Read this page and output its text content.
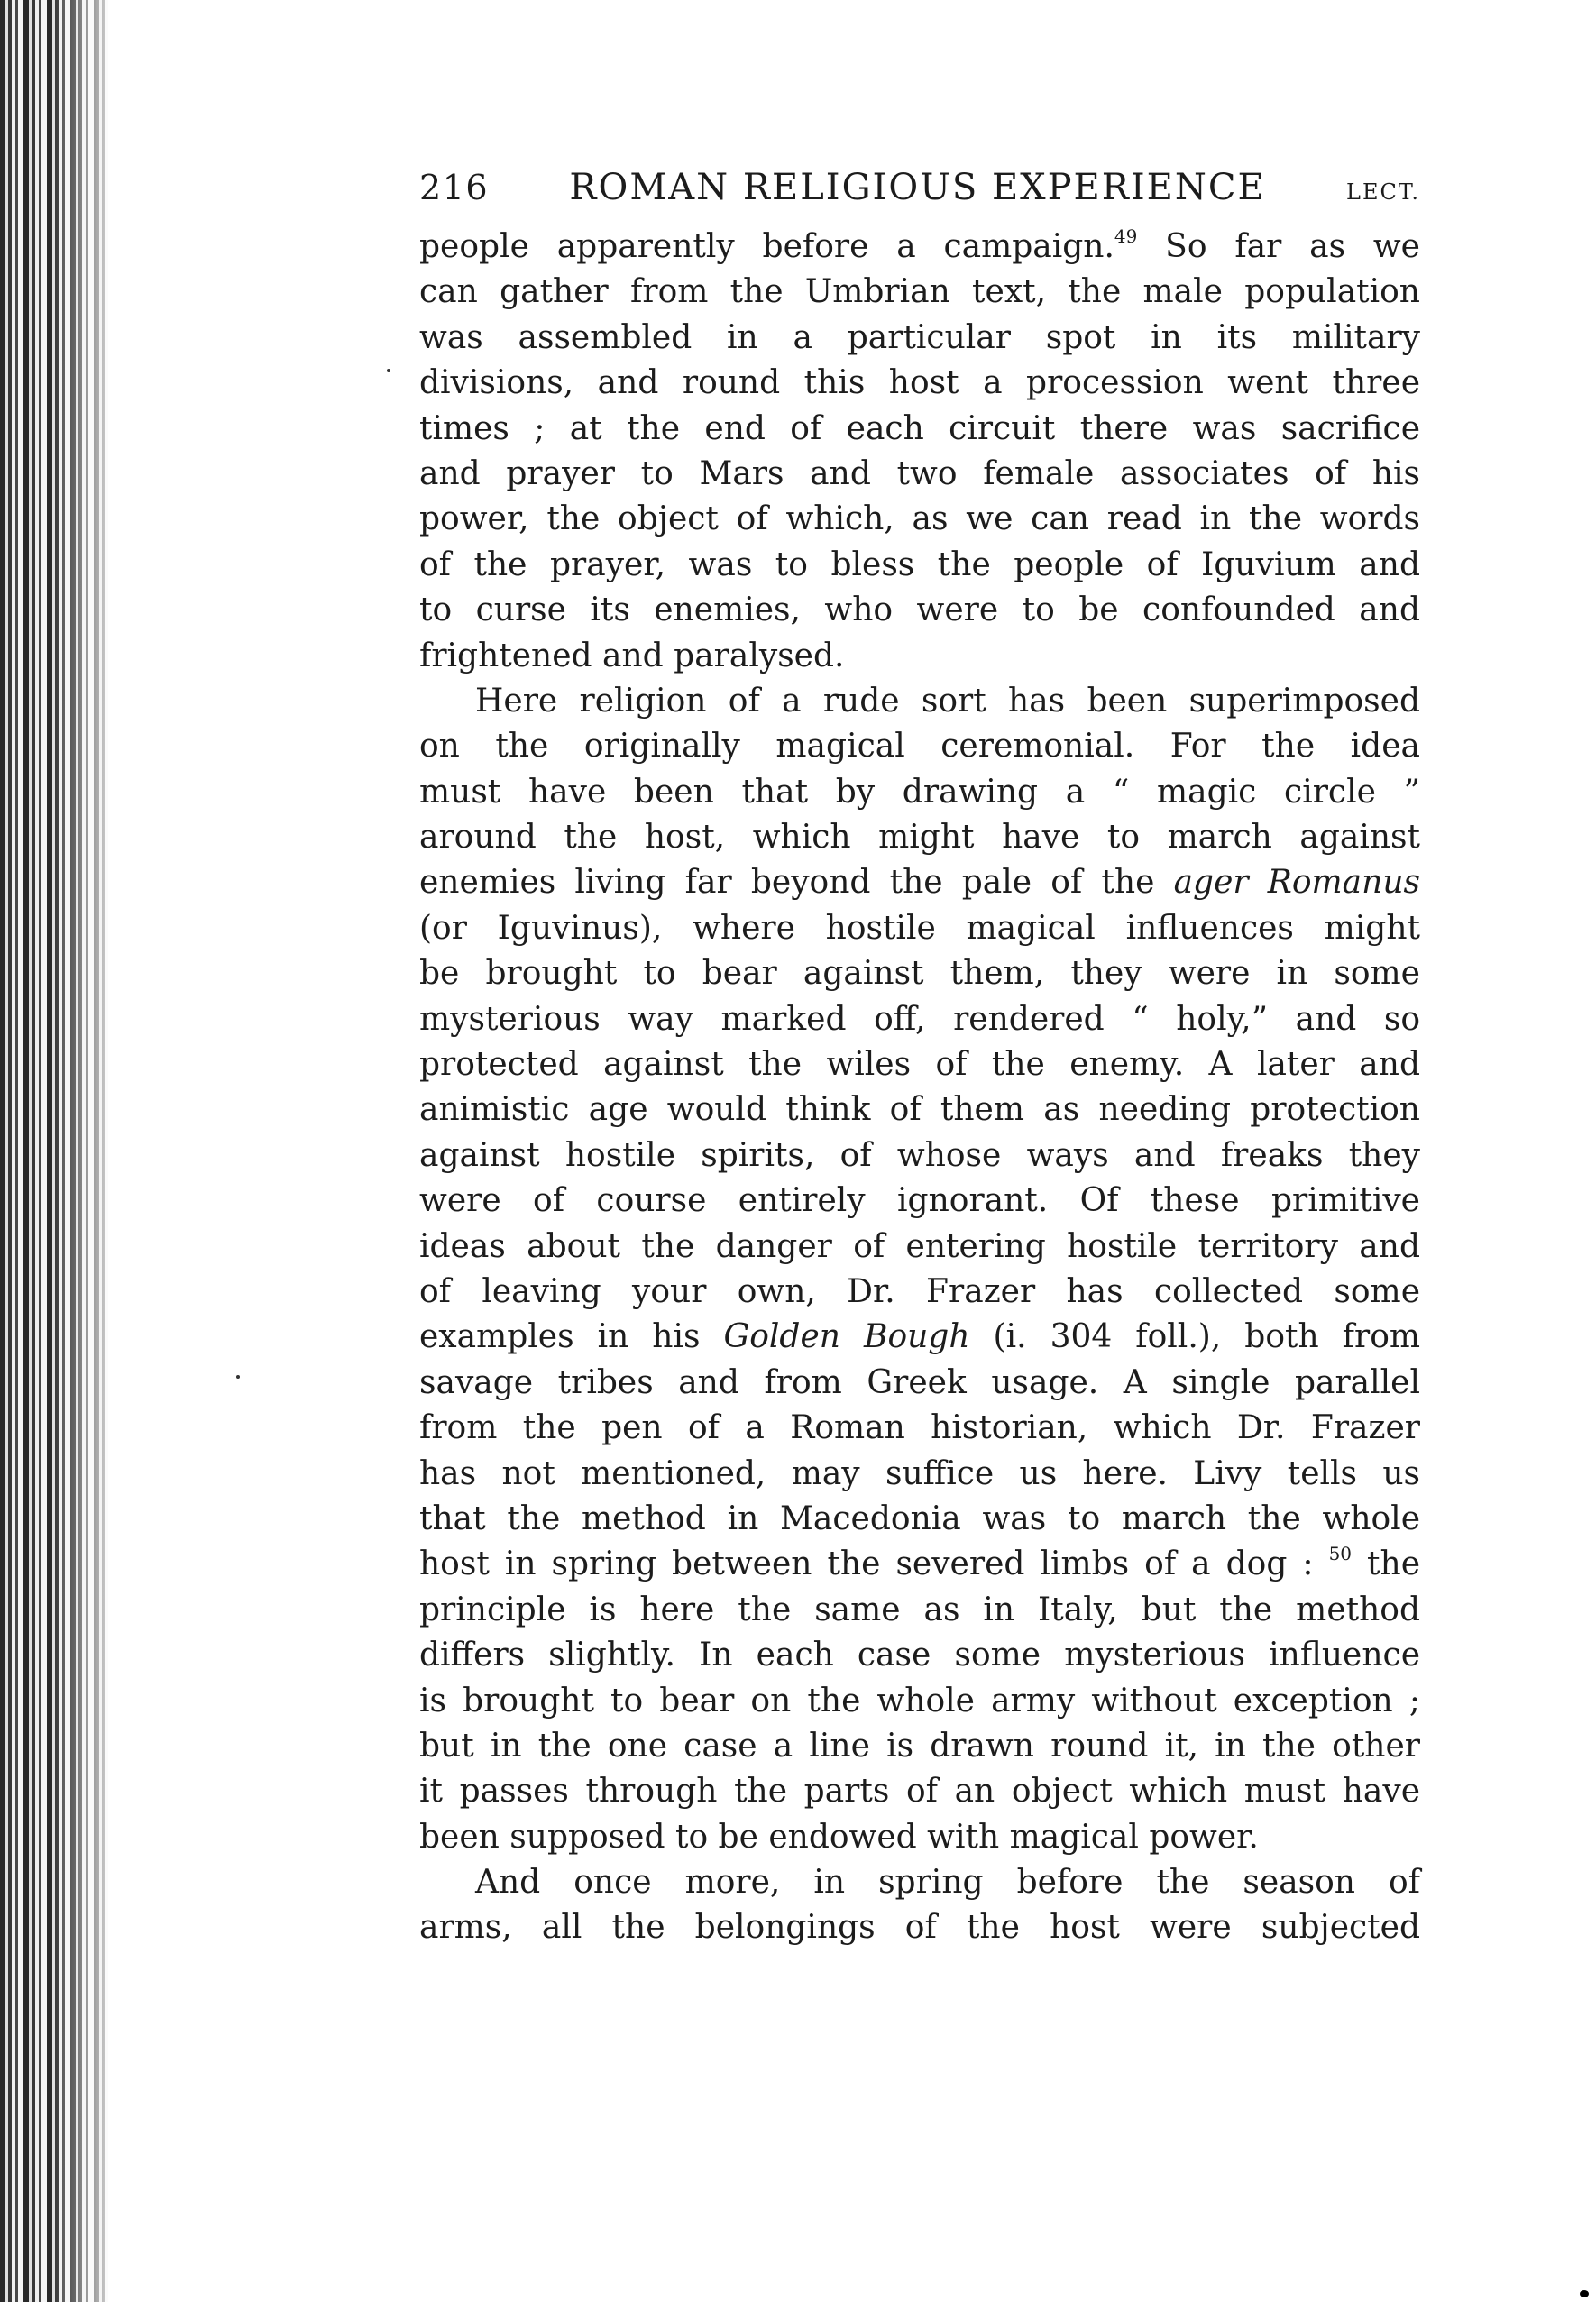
216 ROMAN RELIGIOUS EXPERIENCE	LECT.
people apparently before a campaign.$^{49}$ So far as we
can gather from the Umbrian text, the male population
was assembled in a particular spot in its military
divisions, and round this host a procession went three
times ; at the end of each circuit there was sacrifice
and prayer to Mars and two female associates of his
power, the object of which, as we can read in the words
of the prayer, was to bless the people of Iguvium and
to curse its enemies, who were to be confounded and
frightened and paralysed.
Here religion of a rude sort has been superimposed
on the originally magical ceremonial. For the idea
must have been that by drawing a “ magic circle ”
around the host, which might have to march against
enemies living far beyond the pale of the ager Romanus
(or Iguvinus), where hostile magical influences might
be brought to bear against them, they were in some
mysterious way marked off, rendered “ holy,” and so
protected against the wiles of the enemy. A later and
animistic age would think of them as needing protection
against hostile spirits, of whose ways and freaks they
were of course entirely ignorant. Of these primitive
ideas about the danger of entering hostile territory and
of leaving your own, Dr. Frazer has collected some
examples in his Golden Bough (i. 304 foll.), both from
savage tribes and from Greek usage. A single parallel
from the pen of a Roman historian, which Dr. Frazer
has not mentioned, may suffice us here. Livy tells us
that the method in Macedonia was to march the whole
host in spring between the severed limbs of a dog : $^{50}$ the
principle is here the same as in Italy, but the method
differs slightly. In each case some mysterious influence
is brought to bear on the whole army without exception ;
but in the one case a line is drawn round it, in the other
it passes through the parts of an object which must have
been supposed to be endowed with magical power.
And once more, in spring before the season of
arms, all the belongings of the host were subjected
